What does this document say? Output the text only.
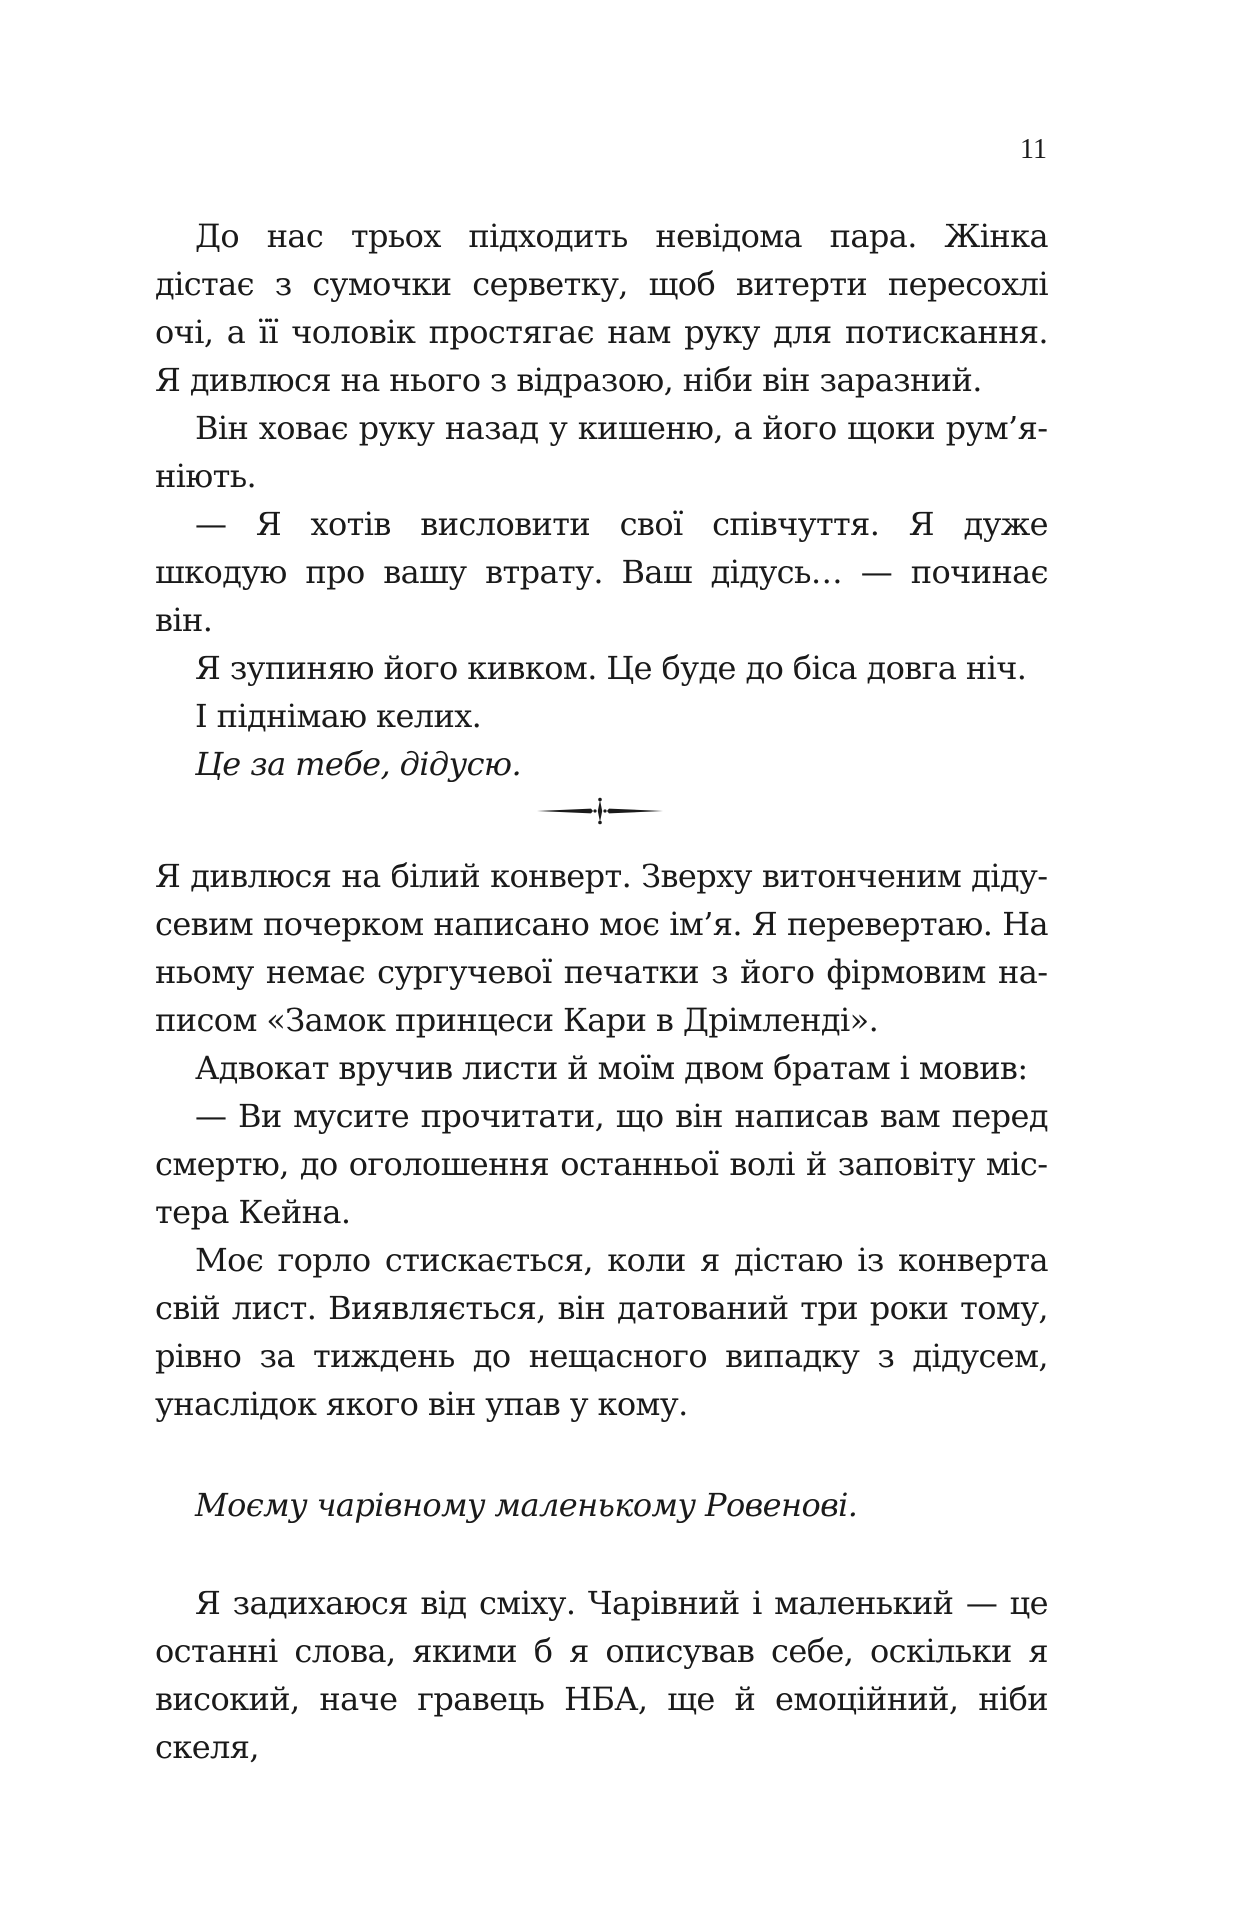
11

До нас трьох підходить невідома пара. Жінка дістає з сумочки серветку, щоб витерти пересохлі очі, а її чоловік простягає нам руку для потискання. Я дивлюся на нього з відразою, ніби він заразний.

Він ховає руку назад у кишеню, а його щоки рум’яніють.

— Я хотів висловити свої співчуття. Я дуже шкодую про вашу втрату. Ваш дідусь… — починає він.

Я зупиняю його кивком. Це буде до біса довга ніч.

І піднімаю келих.

Це за тебе, дідусю.

Я дивлюся на білий конверт. Зверху витонченим дідусевим почерком написано моє ім’я. Я перевертаю. На ньому немає сургучевої печатки з його фірмовим написом «Замок принцеси Кари в Дрімленді».

Адвокат вручив листи й моїм двом братам і мовив:

— Ви мусите прочитати, що він написав вам перед смертю, до оголошення останньої волі й заповіту містера Кейна.

Моє горло стискається, коли я дістаю із конверта свій лист. Виявляється, він датований три роки тому, рівно за тиждень до нещасного випадку з дідусем, унаслідок якого він упав у кому.

Моєму чарівному маленькому Ровенові.

Я задихаюся від сміху. Чарівний і маленький — це останні слова, якими б я описував себе, оскільки я високий, наче гравець НБА, ще й емоційний, ніби скеля,
